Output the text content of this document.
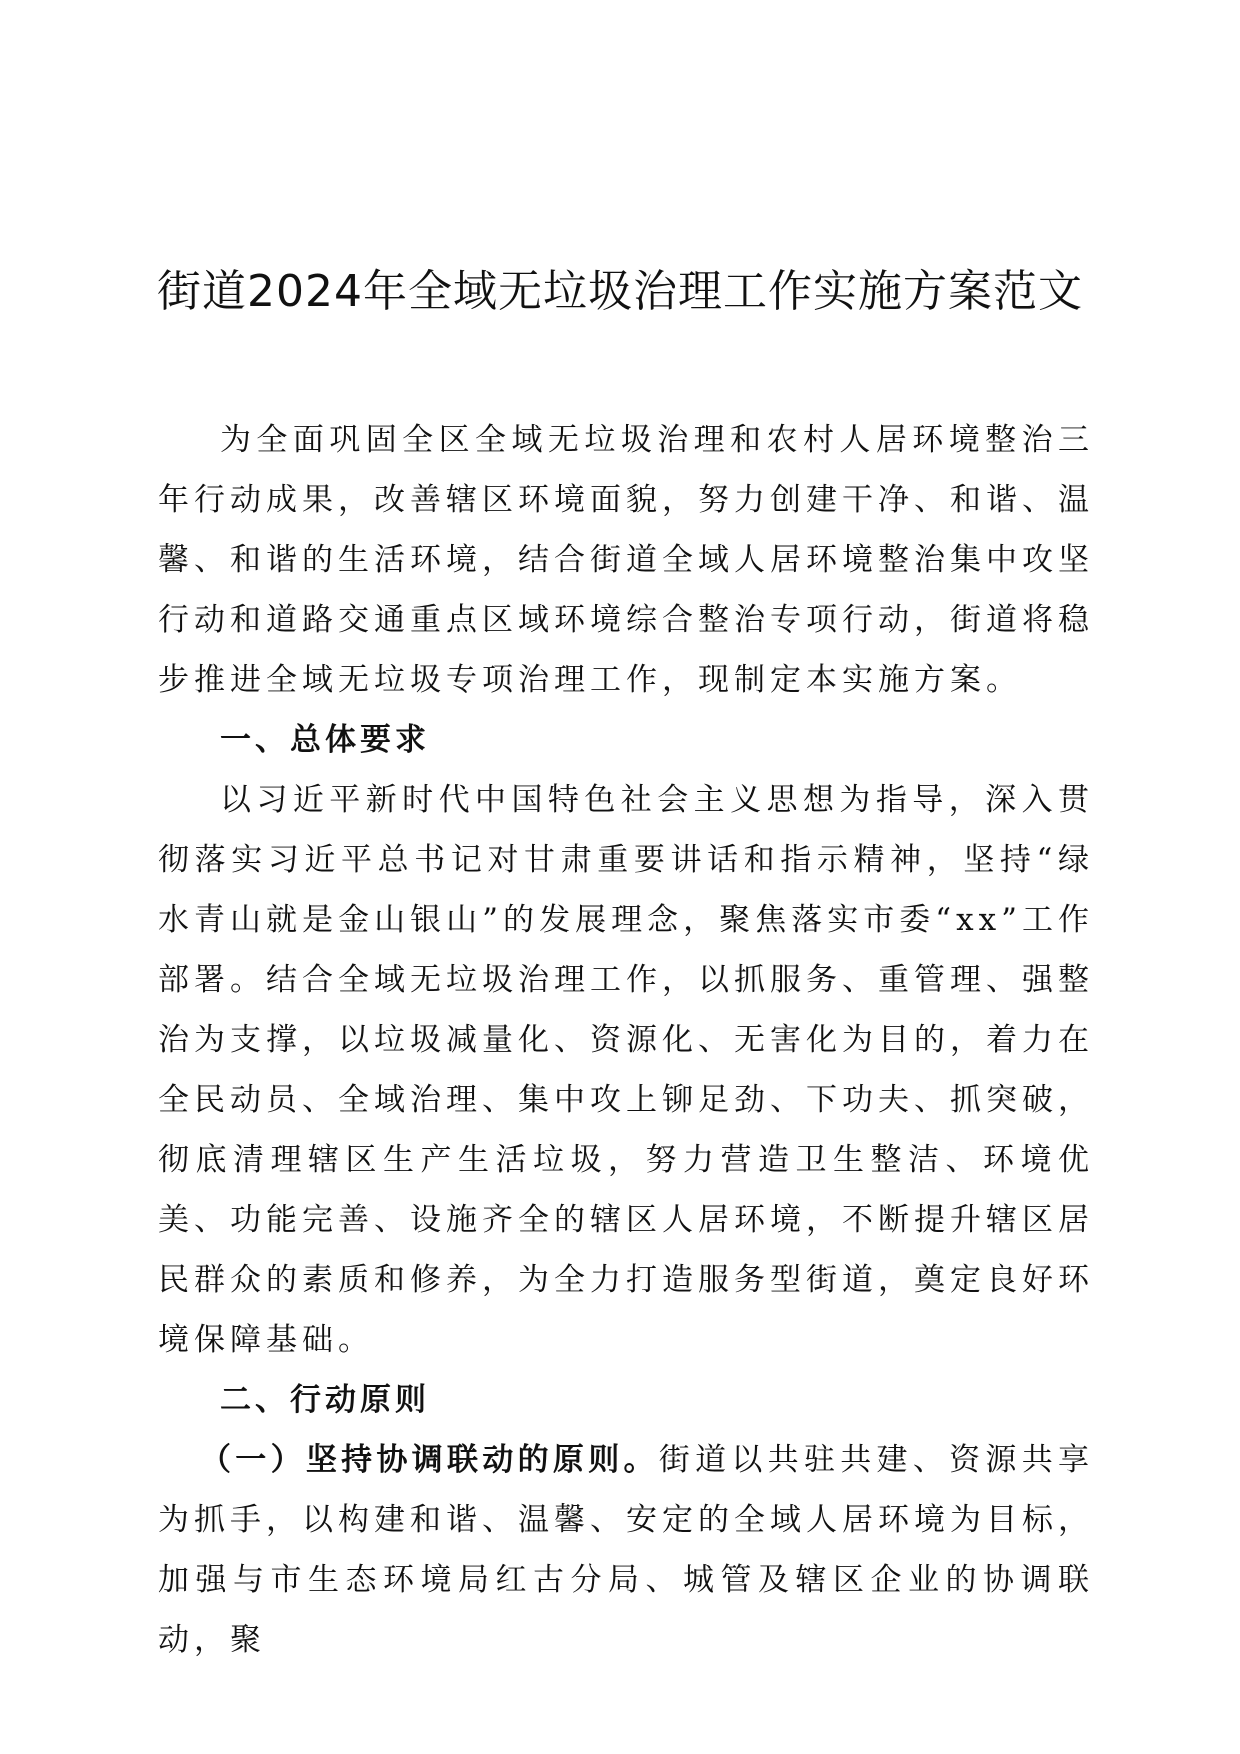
街道2024年全域无垃圾治理工作实施方案范文

为全面巩固全区全域无垃圾治理和农村人居环境整治三年行动成果，改善辖区环境面貌，努力创建干净、和谐、温馨、和谐的生活环境，结合街道全域人居环境整治集中攻坚行动和道路交通重点区域环境综合整治专项行动，街道将稳步推进全域无垃圾专项治理工作，现制定本实施方案。

一、总体要求

以习近平新时代中国特色社会主义思想为指导，深入贯彻落实习近平总书记对甘肃重要讲话和指示精神，坚持“绿水青山就是金山银山”的发展理念，聚焦落实市委“xx”工作部署。结合全域无垃圾治理工作，以抓服务、重管理、强整治为支撑，以垃圾减量化、资源化、无害化为目的，着力在全民动员、全域治理、集中攻上铆足劲、下功夫、抓突破，彻底清理辖区生产生活垃圾，努力营造卫生整洁、环境优美、功能完善、设施齐全的辖区人居环境，不断提升辖区居民群众的素质和修养，为全力打造服务型街道，奠定良好环境保障基础。

二、行动原则

（一）坚持协调联动的原则。街道以共驻共建、资源共享为抓手，以构建和谐、温馨、安定的全域人居环境为目标，加强与市生态环境局红古分局、城管及辖区企业的协调联动，聚
